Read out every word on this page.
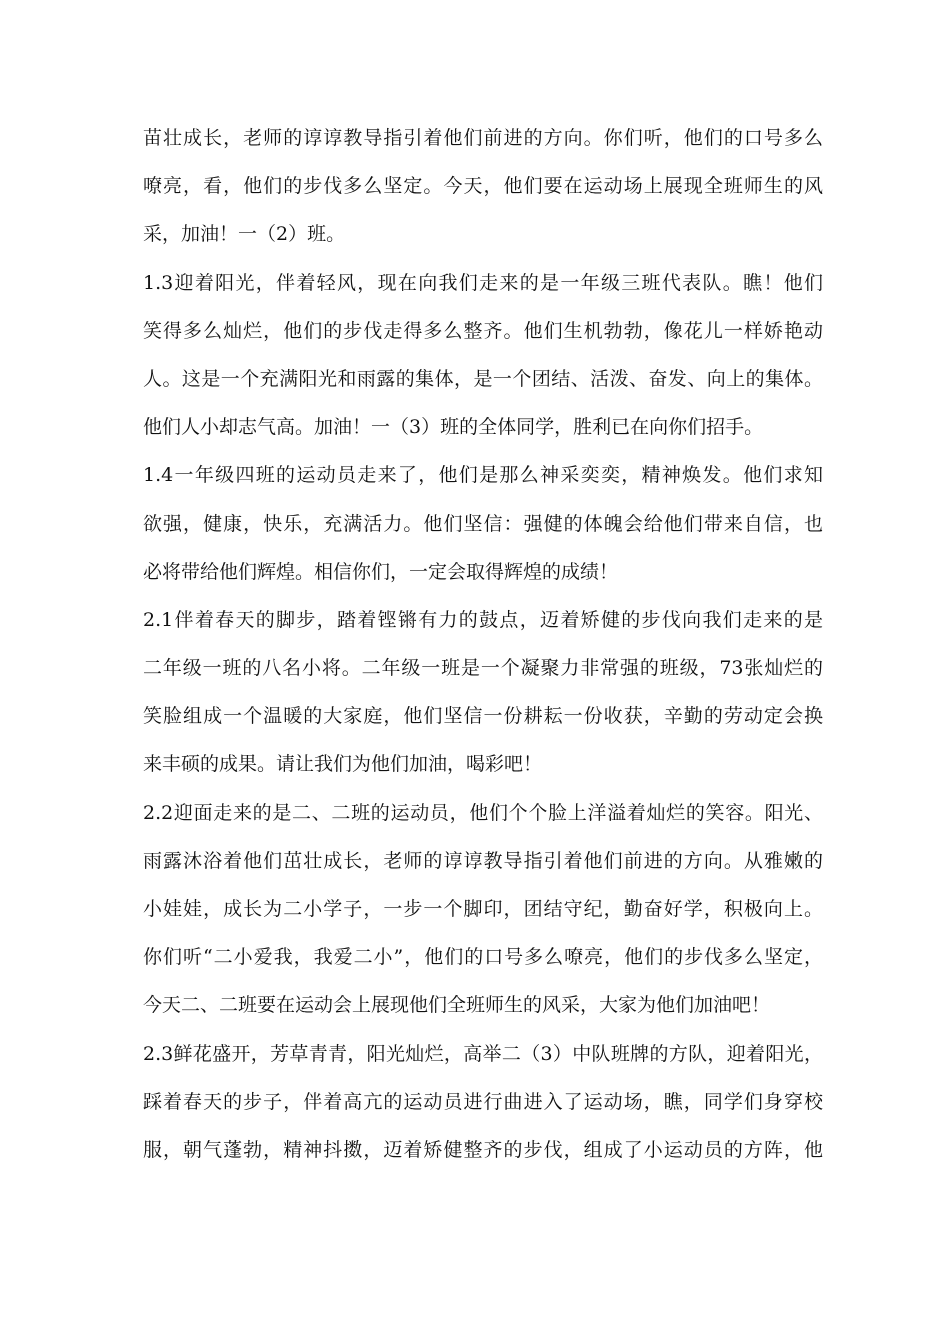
苗壮成长，老师的谆谆教导指引着他们前进的方向。你们听，他们的口号多么
嘹亮，看，他们的步伐多么坚定。今天，他们要在运动场上展现全班师生的风
采，加油！一（2）班。
1.3迎着阳光，伴着轻风，现在向我们走来的是一年级三班代表队。瞧！他们
笑得多么灿烂，他们的步伐走得多么整齐。他们生机勃勃，像花儿一样娇艳动
人。这是一个充满阳光和雨露的集体，是一个团结、活泼、奋发、向上的集体。
他们人小却志气高。加油！一（3）班的全体同学，胜利已在向你们招手。
1.4一年级四班的运动员走来了，他们是那么神采奕奕，精神焕发。他们求知
欲强，健康，快乐，充满活力。他们坚信：强健的体魄会给他们带来自信，也
必将带给他们辉煌。相信你们，一定会取得辉煌的成绩！
2.1伴着春天的脚步，踏着铿锵有力的鼓点，迈着矫健的步伐向我们走来的是
二年级一班的八名小将。二年级一班是一个凝聚力非常强的班级，73张灿烂的
笑脸组成一个温暖的大家庭，他们坚信一份耕耘一份收获，辛勤的劳动定会换
来丰硕的成果。请让我们为他们加油，喝彩吧！
2.2迎面走来的是二、二班的运动员，他们个个脸上洋溢着灿烂的笑容。阳光、
雨露沐浴着他们茁壮成长，老师的谆谆教导指引着他们前进的方向。从雅嫩的
小娃娃，成长为二小学子，一步一个脚印，团结守纪，勤奋好学，积极向上。
你们听“二小爱我，我爱二小”，他们的口号多么嘹亮，他们的步伐多么坚定，
今天二、二班要在运动会上展现他们全班师生的风采，大家为他们加油吧！
2.3鲜花盛开，芳草青青，阳光灿烂，高举二（3）中队班牌的方队，迎着阳光，
踩着春天的步子，伴着高亢的运动员进行曲进入了运动场，瞧，同学们身穿校
服，朝气蓬勃，精神抖擞，迈着矫健整齐的步伐，组成了小运动员的方阵，他
